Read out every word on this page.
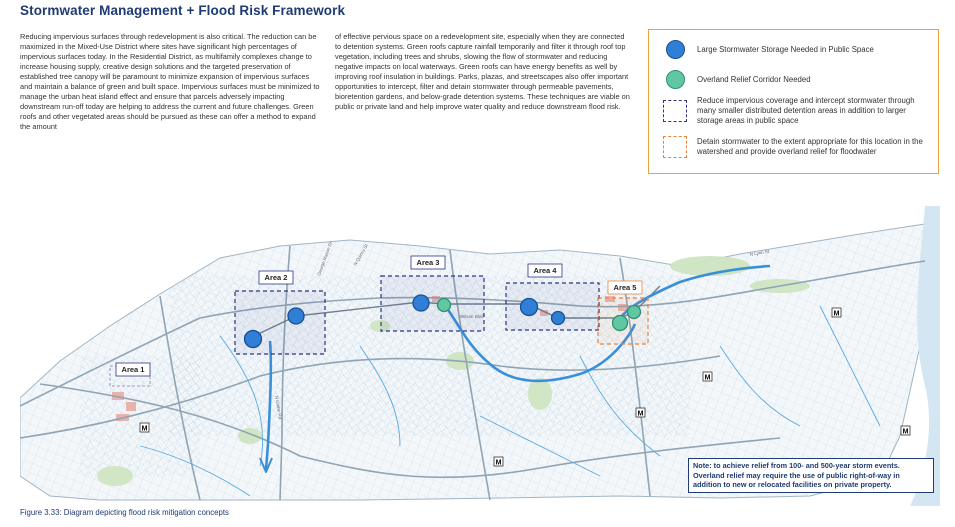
Stormwater Management + Flood Risk Framework
Reducing impervious surfaces through redevelopment is also critical. The reduction can be maximized in the Mixed-Use District where sites have significant high percentages of impervious surfaces today. In the Residential District, as multifamily complexes change to increase housing supply, creative design solutions and the targeted preservation of established tree canopy will be paramount to minimize expansion of impervious surfaces and maintain a balance of green and built space. Impervious surfaces must be minimized to manage the urban heat island effect and ensure that parcels adversely impacting downstream run-off today are helping to address the current and future challenges. Green roofs and other vegetated areas should be pursued as these can offer a method to expand the amount
of effective pervious space on a redevelopment site, especially when they are connected to detention systems. Green roofs capture rainfall temporarily and filter it through roof top vegetation, including trees and shrubs, slowing the flow of stormwater and reducing negative impacts on local waterways. Green roofs can have energy benefits as well by improving roof insulation in buildings. Parks, plazas, and streetscapes also offer important opportunities to intercept, filter and detain stormwater through permeable pavements, bioretention gardens, and below-grade detention systems. These techniques are viable on public or private land and help improve water quality and reduce downstream flood risk.
Large Stormwater Storage Needed in Public Space
Overland Relief Corridor Needed
Reduce impervious coverage and intercept stormwater through many smaller distributed detention areas in addition to larger storage areas in public space
Detain stormwater to the extent appropriate for this location in the watershed and provide overland relief for floodwater
Area 1
Area 2
Area 3
Area 4
Area 5
M
M
M
M
M
M
N Glebe Rd
George Mason Dr	N Quincy St
Wilson Blvd
N Lynn St
Note: to achieve relief from 100- and 500-year storm events. Overland relief may require the use of public right-of-way in addition to new or relocated facilities on private property.
Figure 3.33: Diagram depicting flood risk mitigation concepts
